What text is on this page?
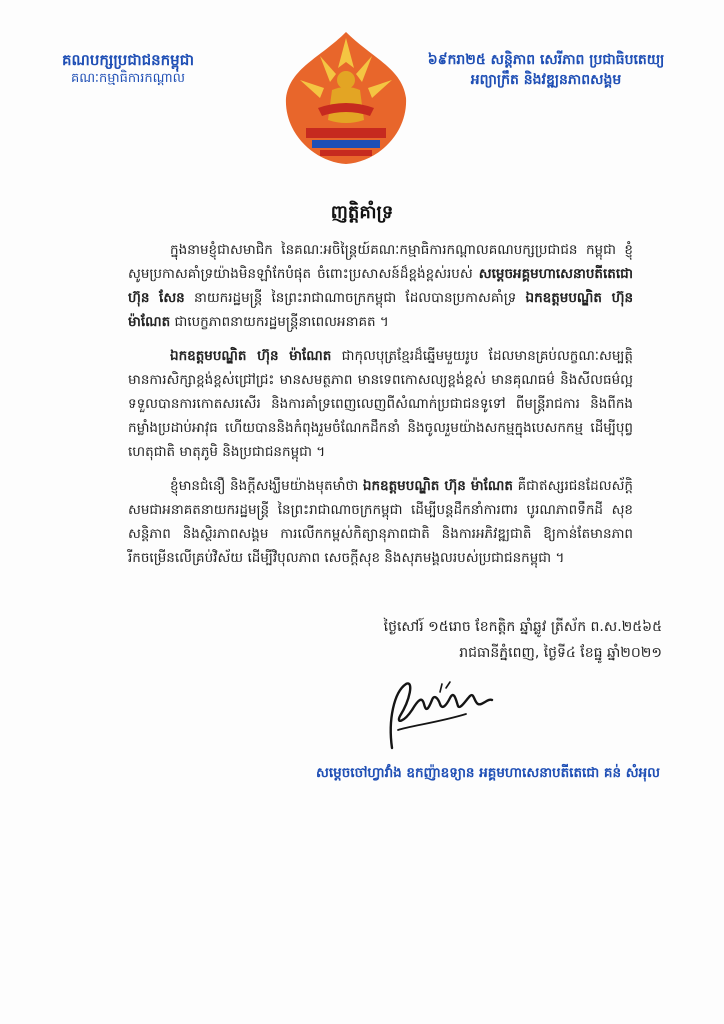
គណបក្សប្រជាជនកម្ពុជា
គណៈកម្មាធិការកណ្តាល
៦៩ករា២៥ សន្តិភាព សេរីភាព ប្រជាធិបតេយ្យ
អព្យាក្រឹត និងវឌ្ឍនភាពសង្គម
ញត្តិគាំទ្រ

ក្នុងនាមខ្ញុំជាសមាជិក នៃគណៈអចិន្ត្រៃយ៍គណៈកម្មាធិការកណ្តាលគណបក្សប្រជាជន កម្ពុជា ខ្ញុំសូមប្រកាសគាំទ្រយ៉ាងមិនឡាំកែបំផុត ចំពោះប្រសាសន៍ដ៏ខ្ពង់ខ្ពស់របស់ សម្តេចអគ្គមហាសេនាបតីតេជោ ហ៊ុន សែន នាយករដ្ឋមន្ត្រី នៃព្រះរាជាណាចក្រកម្ពុជា ដែលបានប្រកាសគាំទ្រ ឯកឧត្តមបណ្ឌិត ហ៊ុន ម៉ាណែត ជាបេក្ខភាពនាយករដ្ឋមន្ត្រីនាពេលអនាគត ។

ឯកឧត្តមបណ្ឌិត ហ៊ុន ម៉ាណែត ជាកុលបុត្រខ្មែរដ៏ឆ្នើមមួយរូប ដែលមានគ្រប់លក្ខណៈសម្បត្តិ មានការសិក្សាខ្ពង់ខ្ពស់ជ្រៅជ្រះ មានសមត្ថភាព មានទេពកោសល្យខ្ពង់ខ្ពស់ មានគុណធម៌ និងសីលធម៌ល្អ ទទួលបានការកោតសរសើរ និងការគាំទ្រពេញលេញពីសំណាក់ប្រជាជនទូទៅ ពីមន្ត្រីរាជការ និងពីកងកម្លាំងប្រដាប់អាវុធ ហើយបាននិងកំពុងរួមចំណែកដឹកនាំ និងចូលរួមយ៉ាងសកម្មក្នុងបេសកកម្ម ដើម្បីបុព្វហេតុជាតិ មាតុភូមិ និងប្រជាជនកម្ពុជា ។

ខ្ញុំមានជំនឿ និងក្តីសង្ឃឹមយ៉ាងមុតមាំថា ឯកឧត្តមបណ្ឌិត ហ៊ុន ម៉ាណែត គឺជាឥស្សរជនដែលស័ក្តិសមជាអនាគតនាយករដ្ឋមន្ត្រី នៃព្រះរាជាណាចក្រកម្ពុជា ដើម្បីបន្តដឹកនាំការពារ បូរណភាពទឹកដី សុខសន្តិភាព និងស្ថិរភាពសង្គម ការលើកកម្ពស់កិត្យានុភាពជាតិ និងការអភិវឌ្ឍជាតិ ឱ្យកាន់តែមានភាពរីកចម្រើនលើគ្រប់វិស័យ ដើម្បីវិបុលភាព សេចក្តីសុខ និងសុភមង្គលរបស់ប្រជាជនកម្ពុជា ។

ថ្ងៃសៅរ៍ ១៥រោច ខែកត្តិក ឆ្នាំឆ្លូវ ត្រីស័ក ព.ស.២៥៦៥
រាជធានីភ្នំពេញ, ថ្ងៃទី៤ ខែធ្នូ ឆ្នាំ២០២១
សម្តេចចៅហ្វាវាំង ឧកញ៉ាឧទ្យាន អគ្គមហាសេនាបតីតេជោ គន់ សំអុល
